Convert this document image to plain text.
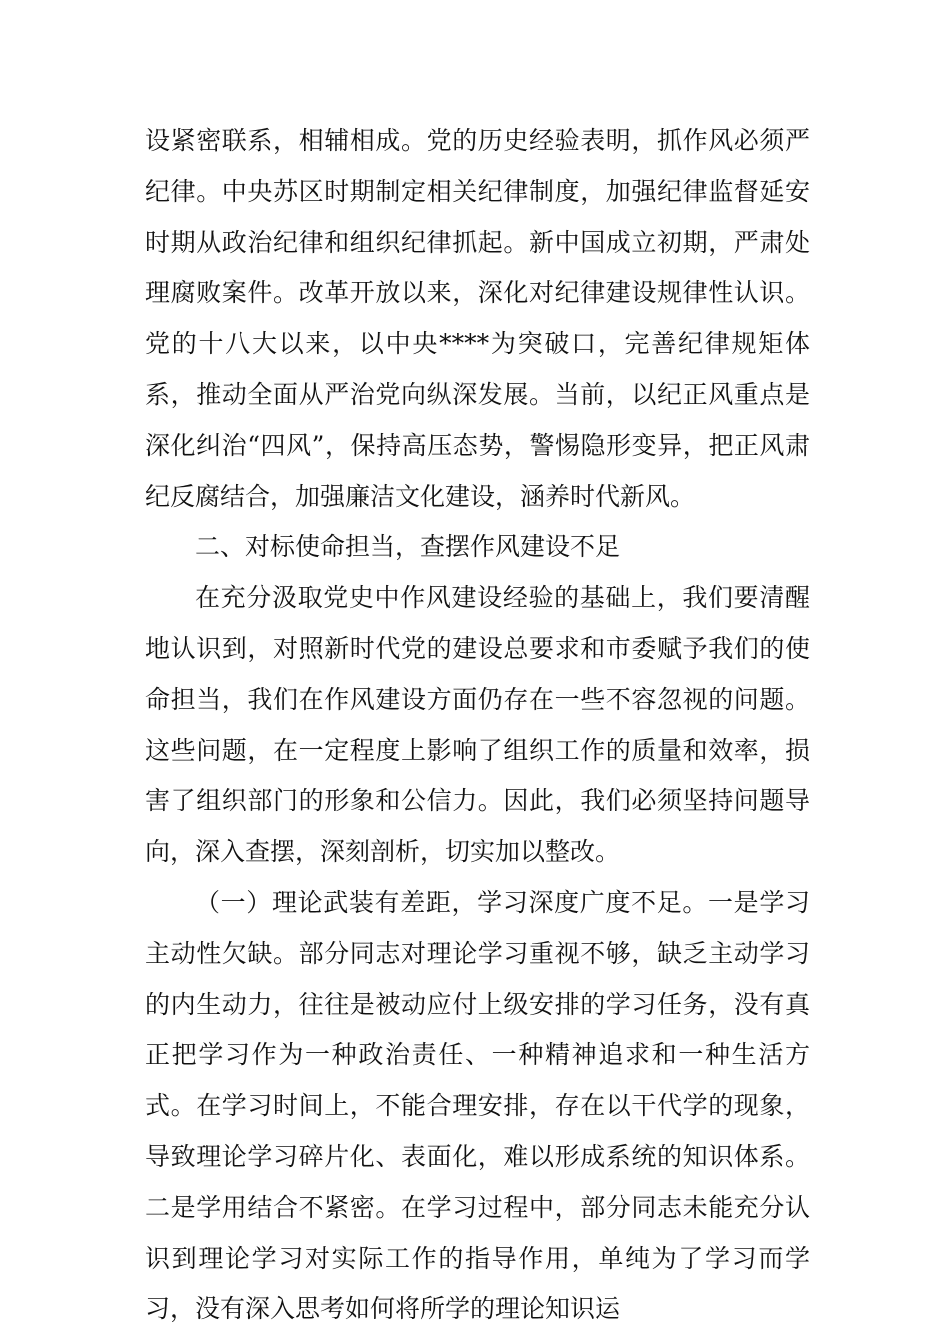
设紧密联系，相辅相成。党的历史经验表明，抓作风必须严纪律。中央苏区时期制定相关纪律制度，加强纪律监督延安时期从政治纪律和组织纪律抓起。新中国成立初期，严肃处理腐败案件。改革开放以来，深化对纪律建设规律性认识。党的十八大以来，以中央****为突破口，完善纪律规矩体系，推动全面从严治党向纵深发展。当前，以纪正风重点是深化纠治“四风”，保持高压态势，警惕隐形变异，把正风肃纪反腐结合，加强廉洁文化建设，涵养时代新风。

二、对标使命担当，查摆作风建设不足

在充分汲取党史中作风建设经验的基础上，我们要清醒地认识到，对照新时代党的建设总要求和市委赋予我们的使命担当，我们在作风建设方面仍存在一些不容忽视的问题。这些问题，在一定程度上影响了组织工作的质量和效率，损害了组织部门的形象和公信力。因此，我们必须坚持问题导向，深入查摆，深刻剖析，切实加以整改。

（一）理论武装有差距，学习深度广度不足。一是学习主动性欠缺。部分同志对理论学习重视不够，缺乏主动学习的内生动力，往往是被动应付上级安排的学习任务，没有真正把学习作为一种政治责任、一种精神追求和一种生活方式。在学习时间上，不能合理安排，存在以干代学的现象，导致理论学习碎片化、表面化，难以形成系统的知识体系。二是学用结合不紧密。在学习过程中，部分同志未能充分认识到理论学习对实际工作的指导作用，单纯为了学习而学习，没有深入思考如何将所学的理论知识运
